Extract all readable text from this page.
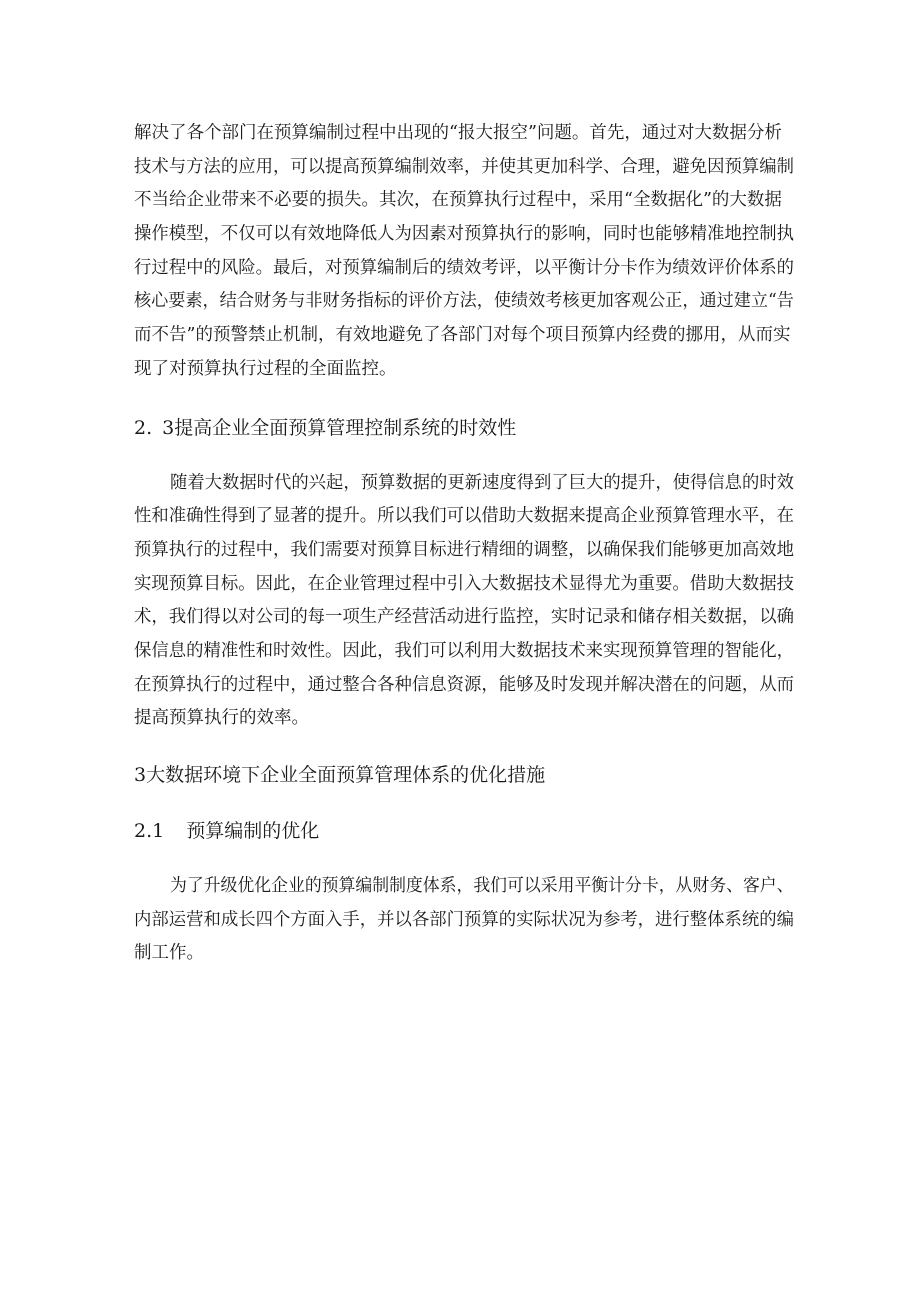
解决了各个部门在预算编制过程中出现的“报大报空”问题。首先，通过对大数据分析
技术与方法的应用，可以提高预算编制效率，并使其更加科学、合理，避免因预算编制
不当给企业带来不必要的损失。其次，在预算执行过程中，采用“全数据化”的大数据
操作模型，不仅可以有效地降低人为因素对预算执行的影响，同时也能够精准地控制执
行过程中的风险。最后，对预算编制后的绩效考评，以平衡计分卡作为绩效评价体系的
核心要素，结合财务与非财务指标的评价方法，使绩效考核更加客观公正，通过建立“告
而不告”的预警禁止机制，有效地避免了各部门对每个项目预算内经费的挪用，从而实
现了对预算执行过程的全面监控。
2. 3提高企业全面预算管理控制系统的时效性
随着大数据时代的兴起，预算数据的更新速度得到了巨大的提升，使得信息的时效
性和准确性得到了显著的提升。所以我们可以借助大数据来提高企业预算管理水平，在
预算执行的过程中，我们需要对预算目标进行精细的调整，以确保我们能够更加高效地
实现预算目标。因此，在企业管理过程中引入大数据技术显得尤为重要。借助大数据技
术，我们得以对公司的每一项生产经营活动进行监控，实时记录和储存相关数据，以确
保信息的精准性和时效性。因此，我们可以利用大数据技术来实现预算管理的智能化，
在预算执行的过程中，通过整合各种信息资源，能够及时发现并解决潜在的问题，从而
提高预算执行的效率。
3大数据环境下企业全面预算管理体系的优化措施
2.1 预算编制的优化
为了升级优化企业的预算编制制度体系，我们可以采用平衡计分卡，从财务、客户、
内部运营和成长四个方面入手，并以各部门预算的实际状况为参考，进行整体系统的编
制工作。
